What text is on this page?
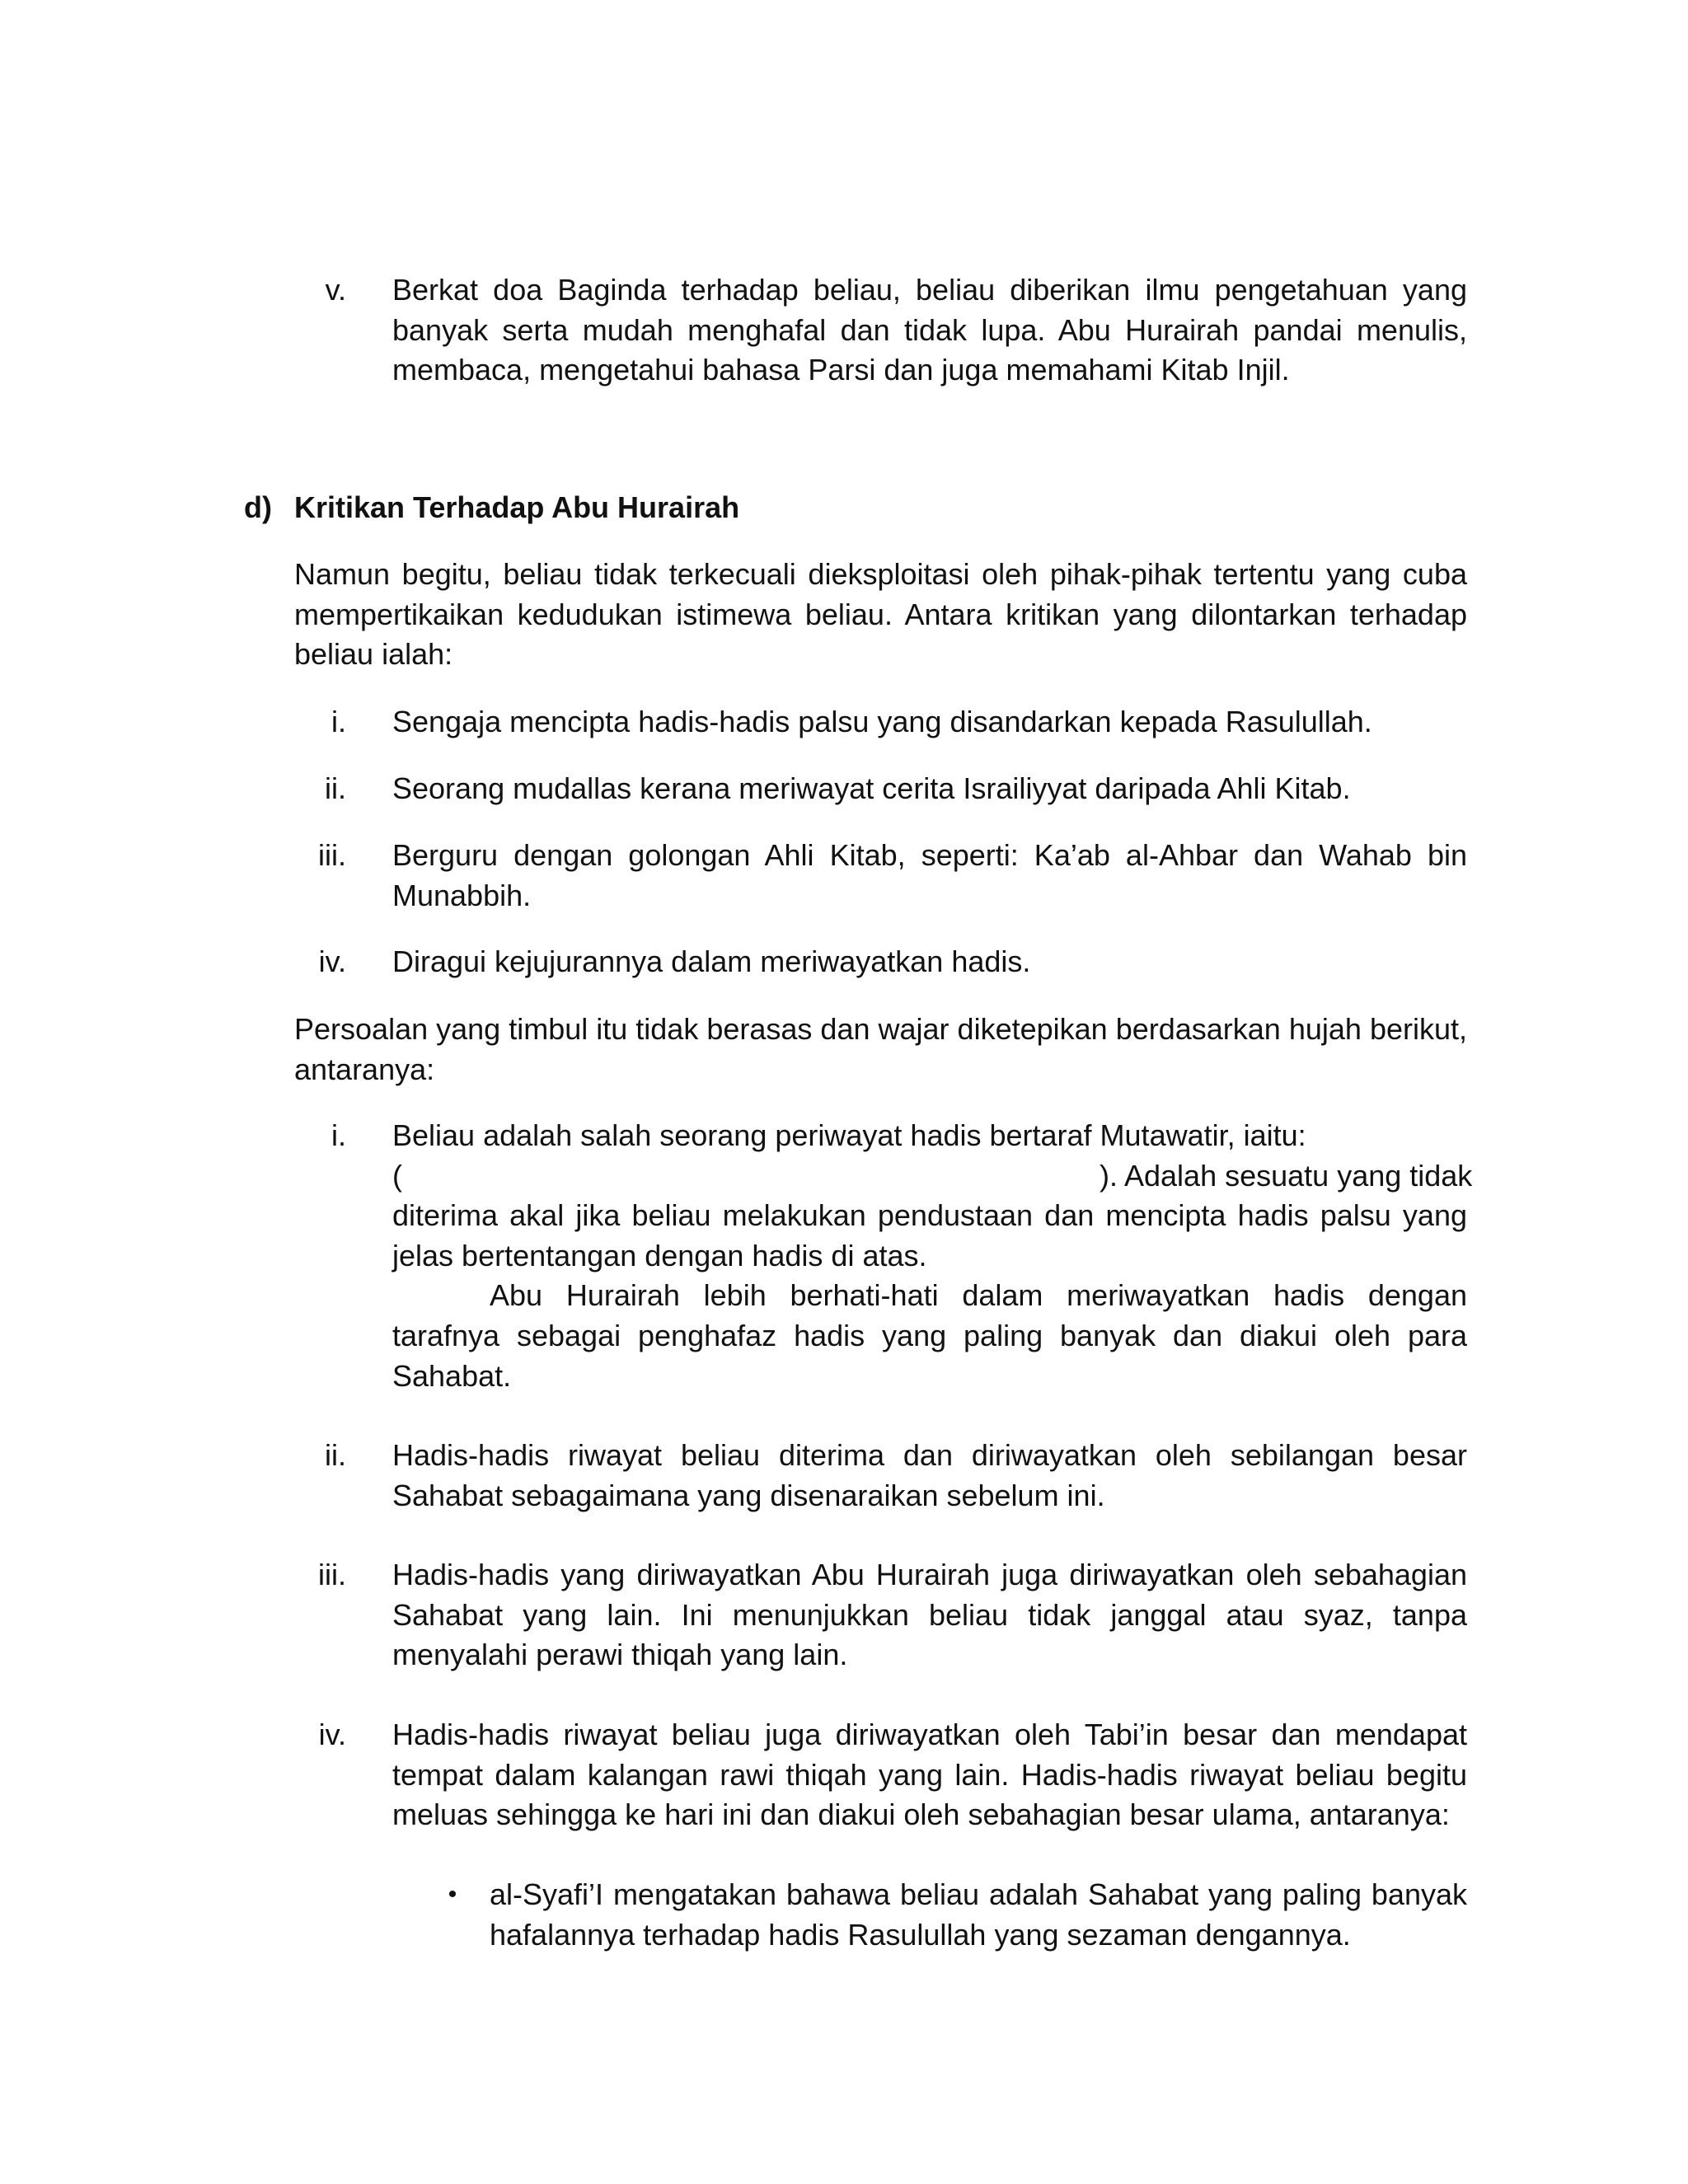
v. Berkat doa Baginda terhadap beliau, beliau diberikan ilmu pengetahuan yang banyak serta mudah menghafal dan tidak lupa. Abu Hurairah pandai menulis, membaca, mengetahui bahasa Parsi dan juga memahami Kitab Injil.

d) Kritikan Terhadap Abu Hurairah

Namun begitu, beliau tidak terkecuali dieksploitasi oleh pihak-pihak tertentu yang cuba mempertikaikan kedudukan istimewa beliau. Antara kritikan yang dilontarkan terhadap beliau ialah:

i. Sengaja mencipta hadis-hadis palsu yang disandarkan kepada Rasulullah.

ii. Seorang mudallas kerana meriwayat cerita Israiliyyat daripada Ahli Kitab.

iii. Berguru dengan golongan Ahli Kitab, seperti: Ka’ab al-Ahbar dan Wahab bin Munabbih.

iv. Diragui kejujurannya dalam meriwayatkan hadis.

Persoalan yang timbul itu tidak berasas dan wajar diketepikan berdasarkan hujah berikut, antaranya:

i. Beliau adalah salah seorang periwayat hadis bertaraf Mutawatir, iaitu:

(	). Adalah sesuatu yang tidak

diterima akal jika beliau melakukan pendustaan dan mencipta hadis palsu yang jelas bertentangan dengan hadis di atas.

Abu Hurairah lebih berhati-hati dalam meriwayatkan hadis dengan

tarafnya sebagai penghafaz hadis yang paling banyak dan diakui oleh para Sahabat.

ii. Hadis-hadis riwayat beliau diterima dan diriwayatkan oleh sebilangan besar Sahabat sebagaimana yang disenaraikan sebelum ini.

iii. Hadis-hadis yang diriwayatkan Abu Hurairah juga diriwayatkan oleh sebahagian Sahabat yang lain. Ini menunjukkan beliau tidak janggal atau syaz, tanpa menyalahi perawi thiqah yang lain.

iv. Hadis-hadis riwayat beliau juga diriwayatkan oleh Tabi’in besar dan mendapat tempat dalam kalangan rawi thiqah yang lain. Hadis-hadis riwayat beliau begitu meluas sehingga ke hari ini dan diakui oleh sebahagian besar ulama, antaranya:

• al-Syafi’I mengatakan bahawa beliau adalah Sahabat yang paling banyak hafalannya terhadap hadis Rasulullah yang sezaman dengannya.
